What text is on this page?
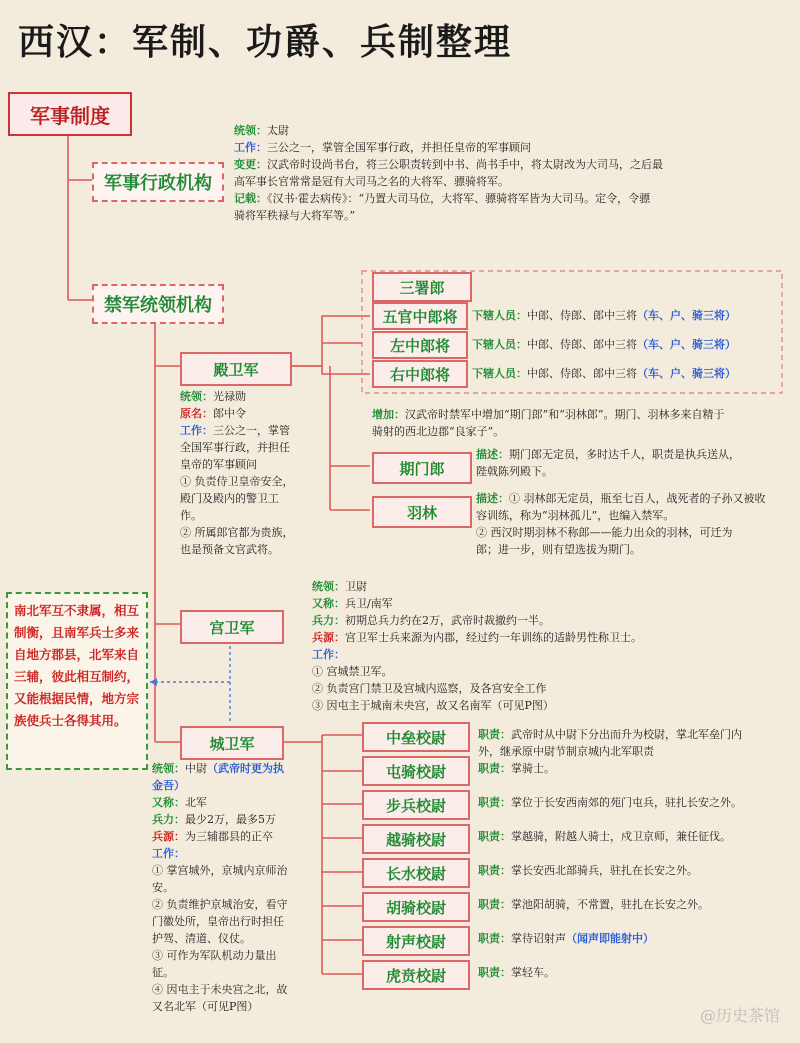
西汉：军制、功爵、兵制整理
军事制度
军事行政机构
统领：太尉
工作：三公之一，掌管全国军事行政，并担任皇帝的军事顾问
变更：汉武帝时设尚书台，将三公职责转到中书、尚书手中，将太尉改为大司马，之后最
高军事长官常常是冠有大司马之名的大将军、骠骑将军。
记载：《汉书·霍去病传》：“乃置大司马位，大将军、骠骑将军皆为大司马。定令，令骠
骑将军秩禄与大将军等。”
禁军统领机构
殿卫军
统领：光禄勋
原名：郎中令
工作：三公之一，掌管
全国军事行政，并担任
皇帝的军事顾问
① 负责侍卫皇帝安全，
殿门及殿内的警卫工
作。
② 所属郎官都为贵族，
也是预备文官武将。
三署郎
五官中郎将	下辖人员：中郎、侍郎、郎中三将（车、户、骑三将）
左中郎将	下辖人员：中郎、侍郎、郎中三将（车、户、骑三将）
右中郎将	下辖人员：中郎、侍郎、郎中三将（车、户、骑三将）
增加：汉武帝时禁军中增加“期门郎”和“羽林郎”。期门、羽林多来自精于
骑射的西北边郡“良家子”。
期门郎
描述：期门郎无定员，多时达千人，职责是执兵送从，
陛戟陈列殿下。
羽林
描述：① 羽林郎无定员，瓶至七百人，战死者的子孙又被收
容训练，称为“羽林孤儿”，也编入禁军。
② 西汉时期羽林不称郎——能力出众的羽林，可迁为
郎；进一步，则有望选拔为期门。
宫卫军
统领：卫尉
又称：兵卫/南军
兵力：初期总兵力约在2万，武帝时裁撤约一半。
兵源：宫卫军士兵来源为内郡，经过约一年训练的适龄男性称卫士。
工作：
① 宫城禁卫军。
② 负责宫门禁卫及宫城内巡察，及各宫安全工作
③ 因屯主于城南未央宫，故又名南军（可见P图）
南北军互不隶属，相互制衡，且南军兵士多来自地方郡县，北军来自三辅，彼此相互制约，又能根据民情，地方宗族使兵士各得其用。
城卫军
统领：中尉（武帝时更为执
金吾）
又称：北军
兵力：最少2万，最多5万
兵源：为三辅郡县的正卒
工作：
① 掌宫城外，京城内京师治
安。
② 负责维护京城治安，看守
门徽处所，皇帝出行时担任
护驾、清道、仪仗。
③ 可作为军队机动力量出
征。
④ 因屯主于未央宫之北，故
又名北军（可见P图）
中垒校尉	职责：武帝时从中尉下分出而升为校尉，掌北军垒门内
外，继承原中尉节制京城内北军职责
屯骑校尉	职责：掌骑士。
步兵校尉	职责：掌位于长安西南郊的苑门屯兵，驻扎长安之外。
越骑校尉	职责：掌越骑，附越人骑士，戍卫京师，兼任征伐。
长水校尉	职责：掌长安西北部骑兵，驻扎在长安之外。
胡骑校尉	职责：掌池阳胡骑，不常置，驻扎在长安之外。
射声校尉	职责：掌待诏射声（闻声即能射中）
虎贲校尉	职责：掌轻车。
@历史茶馆
